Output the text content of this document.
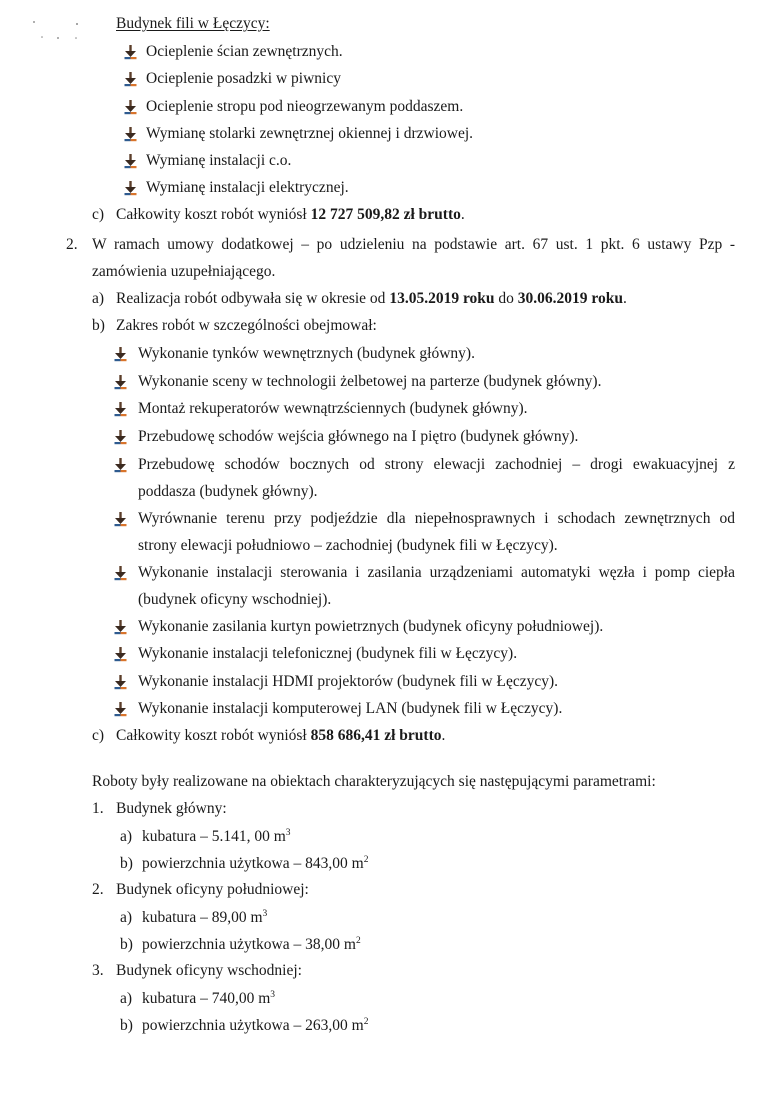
Budynek fili w Łęczycy:
Ocieplenie ścian zewnętrznych.
Ocieplenie posadzki w piwnicy
Ocieplenie stropu pod nieogrzewanym poddaszem.
Wymianę stolarki zewnętrznej okiennej i drzwiowej.
Wymianę instalacji c.o.
Wymianę instalacji elektrycznej.
c) Całkowity koszt robót wyniósł 12 727 509,82 zł brutto.
2. W ramach umowy dodatkowej – po udzieleniu na podstawie art. 67 ust. 1 pkt. 6 ustawy Pzp -
zamówienia uzupełniającego.
a) Realizacja robót odbywała się w okresie od 13.05.2019 roku do 30.06.2019 roku.
b) Zakres robót w szczególności obejmował:
Wykonanie tynków wewnętrznych (budynek główny).
Wykonanie sceny w technologii żelbetowej na parterze (budynek główny).
Montaż rekuperatorów wewnątrzściennych (budynek główny).
Przebudowę schodów wejścia głównego na I piętro (budynek główny).
Przebudowę schodów bocznych od strony elewacji zachodniej – drogi ewakuacyjnej z
poddasza (budynek główny).
Wyrównanie terenu przy podjeździe dla niepełnosprawnych i schodach zewnętrznych od
strony elewacji południowo – zachodniej (budynek fili w Łęczycy).
Wykonanie instalacji sterowania i zasilania urządzeniami automatyki węzła i pomp ciepła
(budynek oficyny wschodniej).
Wykonanie zasilania kurtyn powietrznych (budynek oficyny południowej).
Wykonanie instalacji telefonicznej (budynek fili w Łęczycy).
Wykonanie instalacji HDMI projektorów (budynek fili w Łęczycy).
Wykonanie instalacji komputerowej LAN (budynek fili w Łęczycy).
c) Całkowity koszt robót wyniósł 858 686,41 zł brutto.
Roboty były realizowane na obiektach charakteryzujących się następującymi parametrami:
1. Budynek główny:
a) kubatura – 5.141, 00 $m^3$
b) powierzchnia użytkowa – 843,00 $m^2$
2. Budynek oficyny południowej:
a) kubatura – 89,00 $m^3$
b) powierzchnia użytkowa – 38,00 $m^2$
3. Budynek oficyny wschodniej:
a) kubatura – 740,00 $m^3$
b) powierzchnia użytkowa – 263,00 $m^2$
